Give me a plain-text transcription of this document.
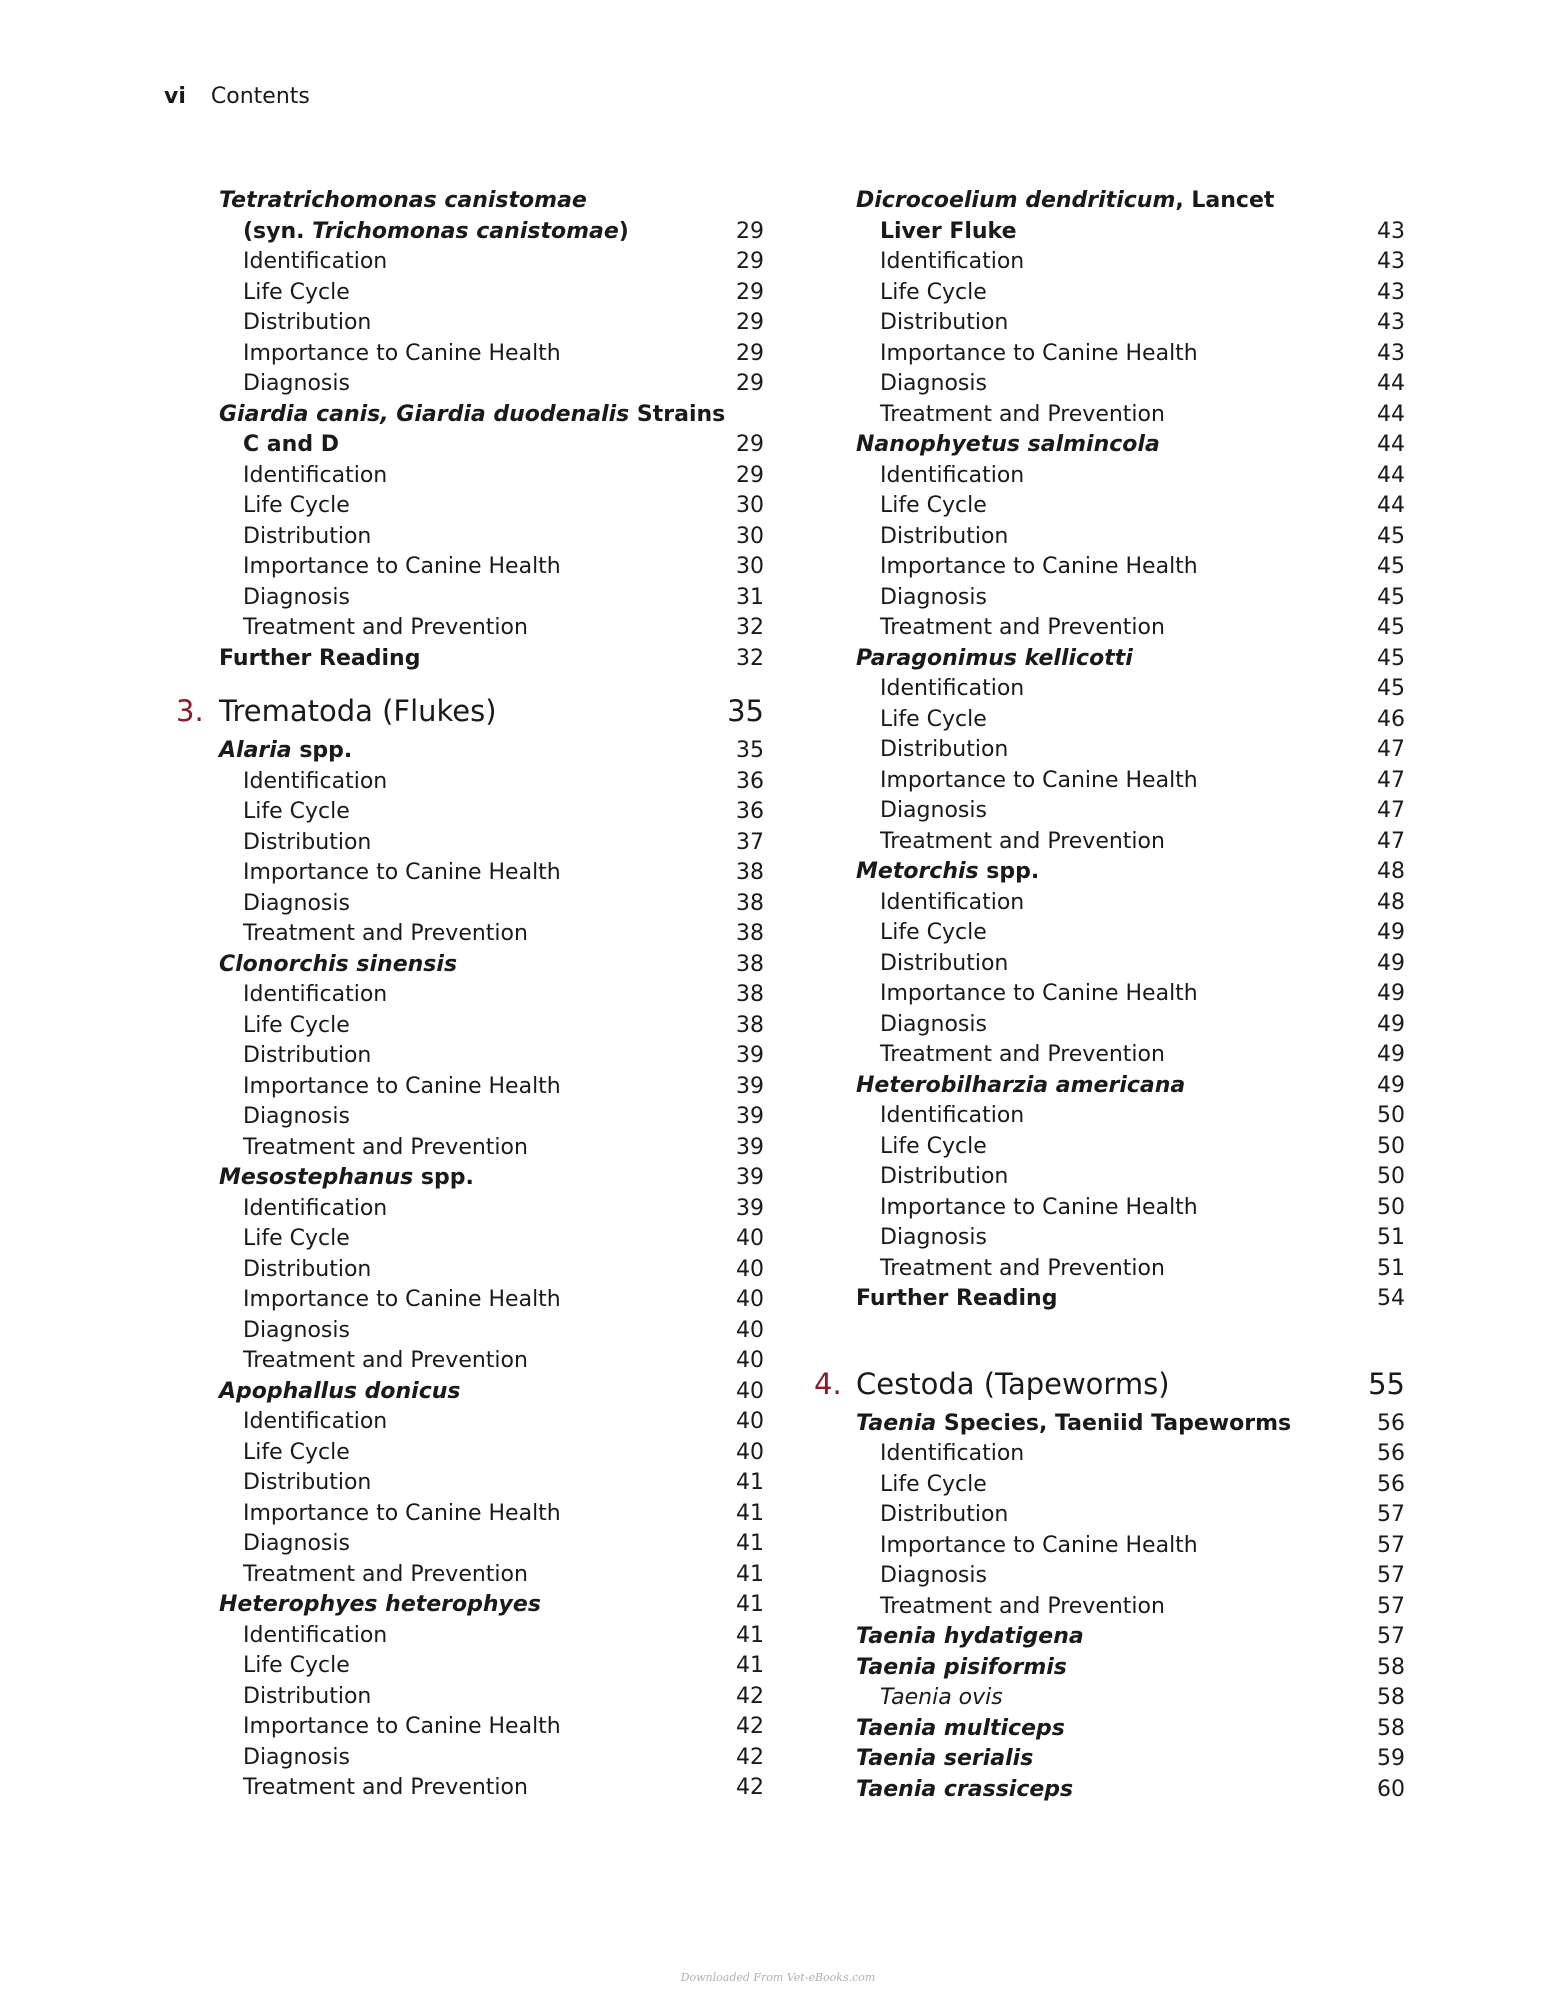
vi Contents
Tetratrichomonas canistomae
(syn. Trichomonas canistomae)	29
Identification	29
Life Cycle	29
Distribution	29
Importance to Canine Health	29
Diagnosis	29
Giardia canis, Giardia duodenalis Strains
C and D	29
Identification	29
Life Cycle	30
Distribution	30
Importance to Canine Health	30
Diagnosis	31
Treatment and Prevention	32
Further Reading	32
3. Trematoda (Flukes)	35
Alaria spp.	35
Identification	36
Life Cycle	36
Distribution	37
Importance to Canine Health	38
Diagnosis	38
Treatment and Prevention	38
Clonorchis sinensis	38
Identification	38
Life Cycle	38
Distribution	39
Importance to Canine Health	39
Diagnosis	39
Treatment and Prevention	39
Mesostephanus spp.	39
Identification	39
Life Cycle	40
Distribution	40
Importance to Canine Health	40
Diagnosis	40
Treatment and Prevention	40
Apophallus donicus	40
Identification	40
Life Cycle	40
Distribution	41
Importance to Canine Health	41
Diagnosis	41
Treatment and Prevention	41
Heterophyes heterophyes	41
Identification	41
Life Cycle	41
Distribution	42
Importance to Canine Health	42
Diagnosis	42
Treatment and Prevention	42
Dicrocoelium dendriticum, Lancet
Liver Fluke	43
Identification	43
Life Cycle	43
Distribution	43
Importance to Canine Health	43
Diagnosis	44
Treatment and Prevention	44
Nanophyetus salmincola	44
Identification	44
Life Cycle	44
Distribution	45
Importance to Canine Health	45
Diagnosis	45
Treatment and Prevention	45
Paragonimus kellicotti	45
Identification	45
Life Cycle	46
Distribution	47
Importance to Canine Health	47
Diagnosis	47
Treatment and Prevention	47
Metorchis spp.	48
Identification	48
Life Cycle	49
Distribution	49
Importance to Canine Health	49
Diagnosis	49
Treatment and Prevention	49
Heterobilharzia americana	49
Identification	50
Life Cycle	50
Distribution	50
Importance to Canine Health	50
Diagnosis	51
Treatment and Prevention	51
Further Reading	54
4. Cestoda (Tapeworms)	55
Taenia Species, Taeniid Tapeworms	56
Identification	56
Life Cycle	56
Distribution	57
Importance to Canine Health	57
Diagnosis	57
Treatment and Prevention	57
Taenia hydatigena	57
Taenia pisiformis	58
Taenia ovis	58
Taenia multiceps	58
Taenia serialis	59
Taenia crassiceps	60
Downloaded From Vet-eBooks.com
